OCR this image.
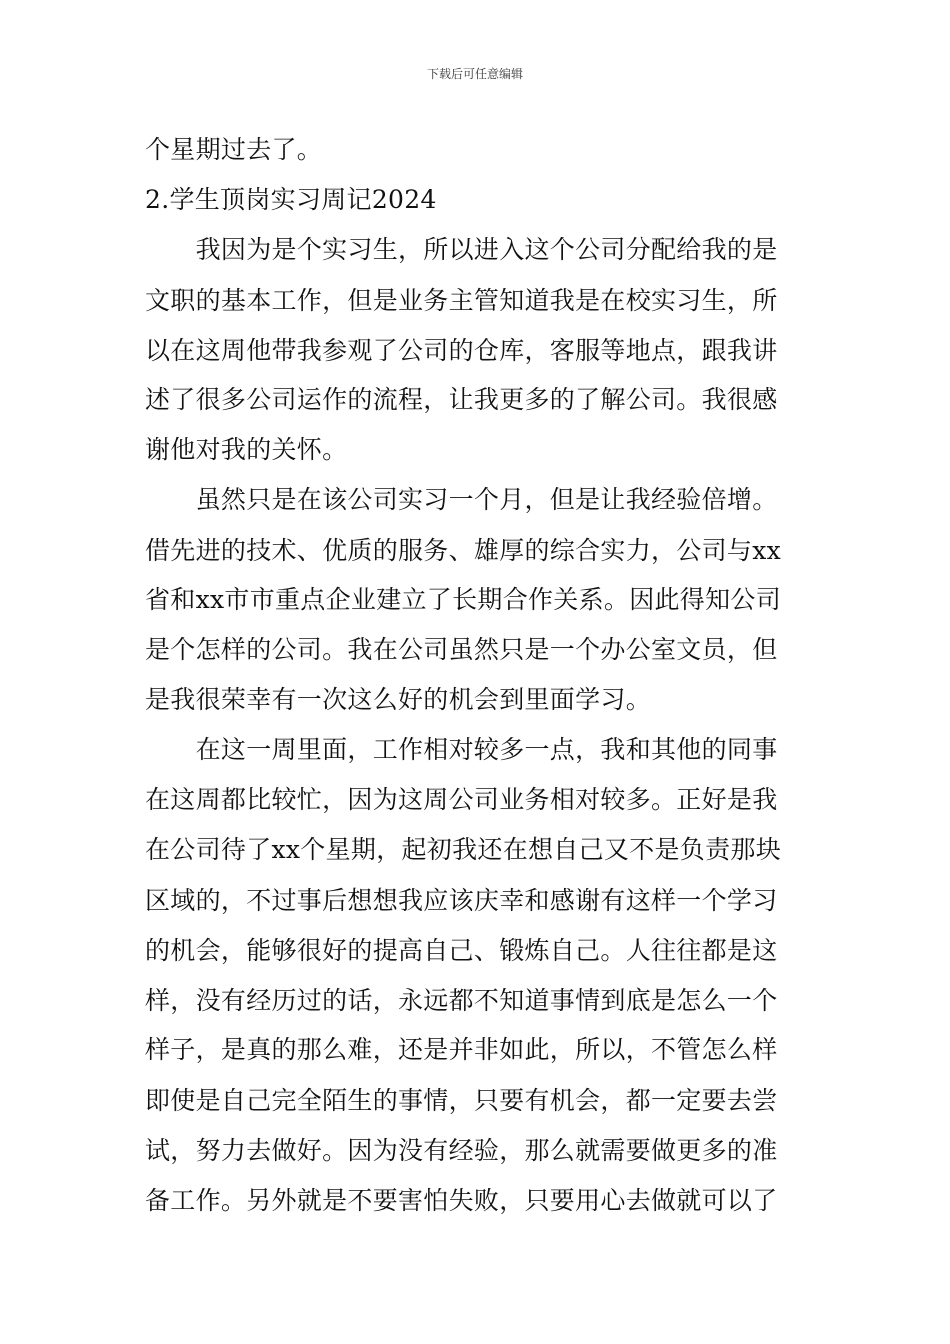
下载后可任意编辑
个星期过去了。
2.学生顶岗实习周记2024
　　我因为是个实习生，所以进入这个公司分配给我的是
文职的基本工作，但是业务主管知道我是在校实习生，所
以在这周他带我参观了公司的仓库，客服等地点，跟我讲
述了很多公司运作的流程，让我更多的了解公司。我很感
谢他对我的关怀。
　　虽然只是在该公司实习一个月，但是让我经验倍增。
借先进的技术、优质的服务、雄厚的综合实力，公司与xx
省和xx市市重点企业建立了长期合作关系。因此得知公司
是个怎样的公司。我在公司虽然只是一个办公室文员，但
是我很荣幸有一次这么好的机会到里面学习。
　　在这一周里面，工作相对较多一点，我和其他的同事
在这周都比较忙，因为这周公司业务相对较多。正好是我
在公司待了xx个星期，起初我还在想自己又不是负责那块
区域的，不过事后想想我应该庆幸和感谢有这样一个学习
的机会，能够很好的提高自己、锻炼自己。人往往都是这
样，没有经历过的话，永远都不知道事情到底是怎么一个
样子，是真的那么难，还是并非如此，所以，不管怎么样
即使是自己完全陌生的事情，只要有机会，都一定要去尝
试，努力去做好。因为没有经验，那么就需要做更多的准
备工作。另外就是不要害怕失败，只要用心去做就可以了
